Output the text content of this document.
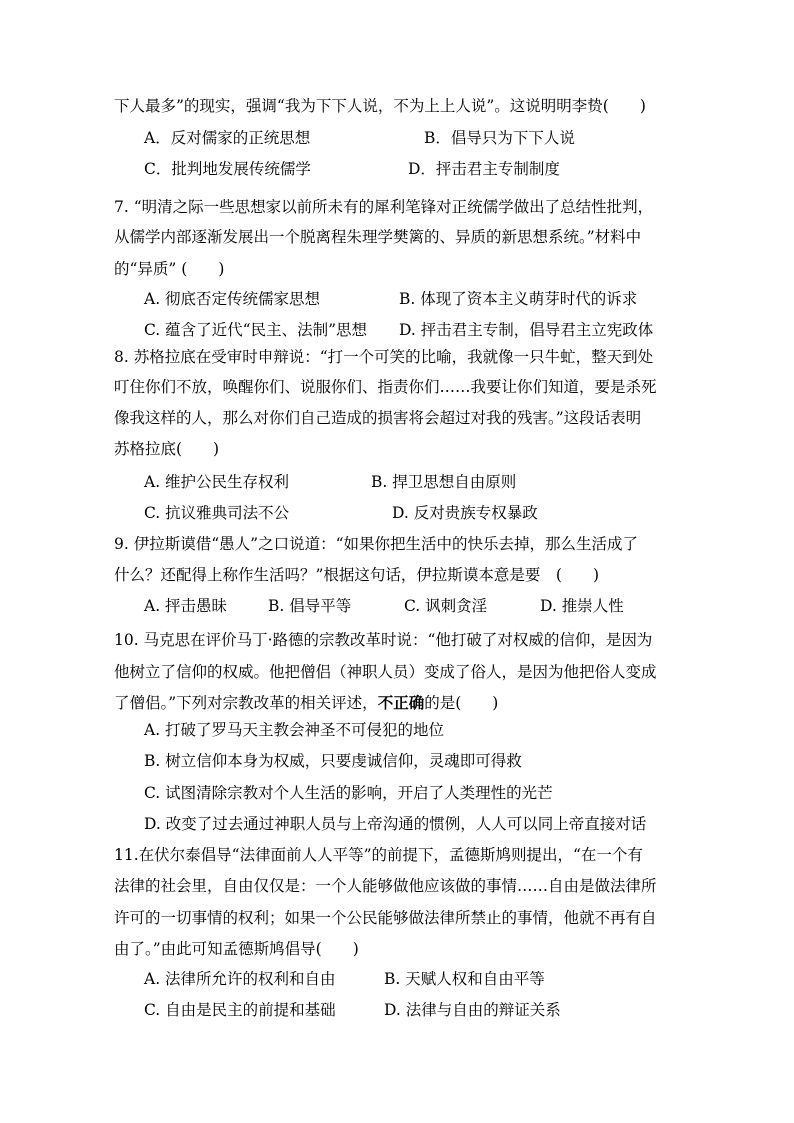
下人最多”的现实，强调“我为下下人说，不为上上人说”。这说明明李贽(　　)
A．反对儒家的正统思想	B．倡导只为下下人说
C．批判地发展传统儒学	D．抨击君主专制制度
7. “明清之际一些思想家以前所未有的犀利笔锋对正统儒学做出了总结性批判，
从儒学内部逐渐发展出一个脱离程朱理学樊篱的、异质的新思想系统。”材料中
的“异质” (　　)
A. 彻底否定传统儒家思想	B. 体现了资本主义萌芽时代的诉求
C. 蕴含了近代“民主、法制”思想 D. 抨击君主专制，倡导君主立宪政体
8. 苏格拉底在受审时申辩说：“打一个可笑的比喻，我就像一只牛虻，整天到处
叮住你们不放，唤醒你们、说服你们、指责你们……我要让你们知道，要是杀死
像我这样的人，那么对你们自己造成的损害将会超过对我的残害。”这段话表明
苏格拉底(　　)
A. 维护公民生存权利	B. 捍卫思想自由原则
C. 抗议雅典司法不公	D. 反对贵族专权暴政
9. 伊拉斯谟借“愚人”之口说道：“如果你把生活中的快乐去掉，那么生活成了
什么？还配得上称作生活吗？”根据这句话，伊拉斯谟本意是要　(　　)
A. 抨击愚昧	B. 倡导平等	C. 讽刺贪淫	D. 推崇人性
10. 马克思在评价马丁·路德的宗教改革时说：“他打破了对权威的信仰，是因为
他树立了信仰的权威。他把僧侣（神职人员）变成了俗人，是因为他把俗人变成
了僧侣。”下列对宗教改革的相关评述，不正确的是(　　)
A. 打破了罗马天主教会神圣不可侵犯的地位
B. 树立信仰本身为权威，只要虔诚信仰，灵魂即可得救
C. 试图清除宗教对个人生活的影响，开启了人类理性的光芒
D. 改变了过去通过神职人员与上帝沟通的惯例，人人可以同上帝直接对话
11.在伏尔泰倡导“法律面前人人平等”的前提下，孟德斯鸠则提出，“在一个有
法律的社会里，自由仅仅是：一个人能够做他应该做的事情……自由是做法律所
许可的一切事情的权利；如果一个公民能够做法律所禁止的事情，他就不再有自
由了。”由此可知孟德斯鸠倡导(　　)
A. 法律所允许的权利和自由	B. 天赋人权和自由平等
C. 自由是民主的前提和基础	D. 法律与自由的辩证关系
